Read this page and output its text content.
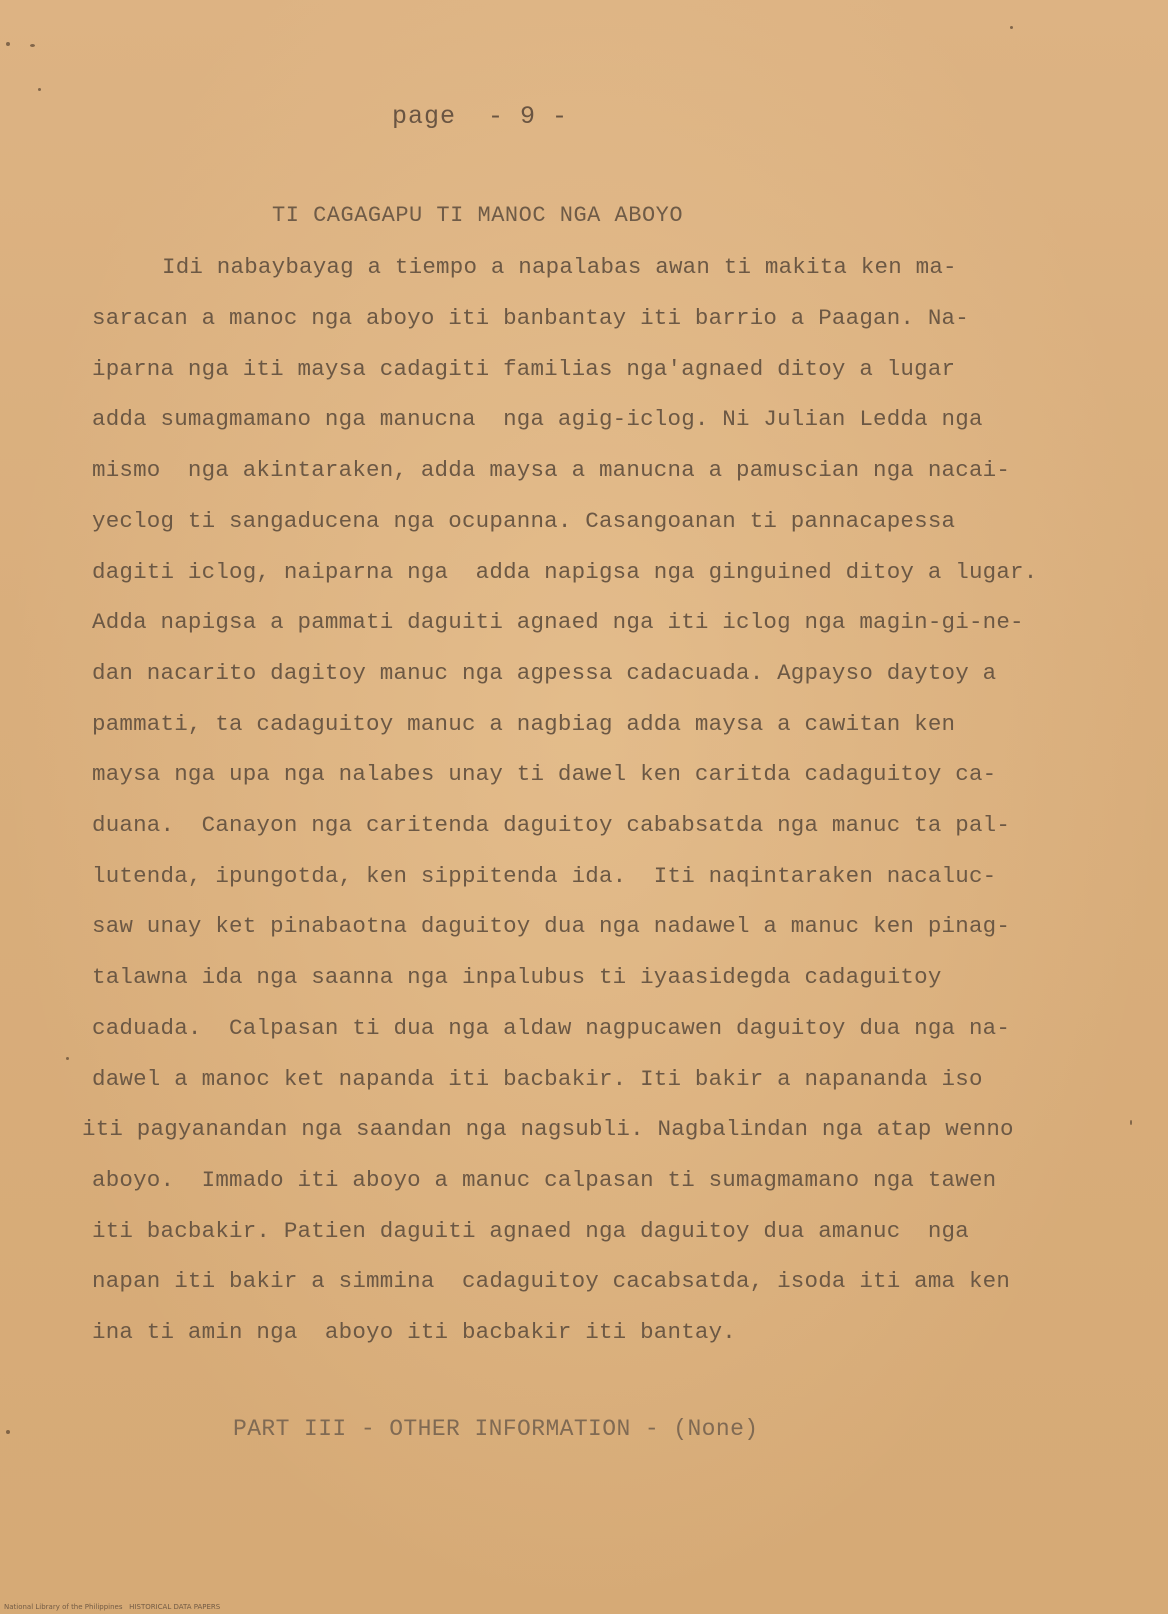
page  - 9 -
TI CAGAGAPU TI MANOC NGA ABOYO
Idi nabaybayag a tiempo a napalabas awan ti makita ken ma-
saracan a manoc nga aboyo iti banbantay iti barrio a Paagan. Na-
iparna nga iti maysa cadagiti familias nga'agnaed ditoy a lugar
adda sumagmamano nga manucna  nga agig-iclog. Ni Julian Ledda nga
mismo  nga akintaraken, adda maysa a manucna a pamuscian nga nacai-
yeclog ti sangaducena nga ocupanna. Casangoanan ti pannacapessa
dagiti iclog, naiparna nga  adda napigsa nga ginguined ditoy a lugar.
Adda napigsa a pammati daguiti agnaed nga iti iclog nga magin-gi-ne-
dan nacarito dagitoy manuc nga agpessa cadacuada. Agpayso daytoy a
pammati, ta cadaguitoy manuc a nagbiag adda maysa a cawitan ken
maysa nga upa nga nalabes unay ti dawel ken caritda cadaguitoy ca-
duana.  Canayon nga caritenda daguitoy cababsatda nga manuc ta pal-
lutenda, ipungotda, ken sippitenda ida.  Iti naqintaraken nacaluc-
saw unay ket pinabaotna daguitoy dua nga nadawel a manuc ken pinag-
talawna ida nga saanna nga inpalubus ti iyaasidegda cadaguitoy
caduada.  Calpasan ti dua nga aldaw nagpucawen daguitoy dua nga na-
dawel a manoc ket napanda iti bacbakir. Iti bakir a napananda iso
iti pagyanandan nga saandan nga nagsubli. Nagbalindan nga atap wenno
aboyo.  Immado iti aboyo a manuc calpasan ti sumagmamano nga tawen
iti bacbakir. Patien daguiti agnaed nga daguitoy dua amanuc  nga
napan iti bakir a simmina  cadaguitoy cacabsatda, isoda iti ama ken
ina ti amin nga  aboyo iti bacbakir iti bantay.
PART III - OTHER INFORMATION - (None)
National Library of the Philippines   HISTORICAL DATA PAPERS
